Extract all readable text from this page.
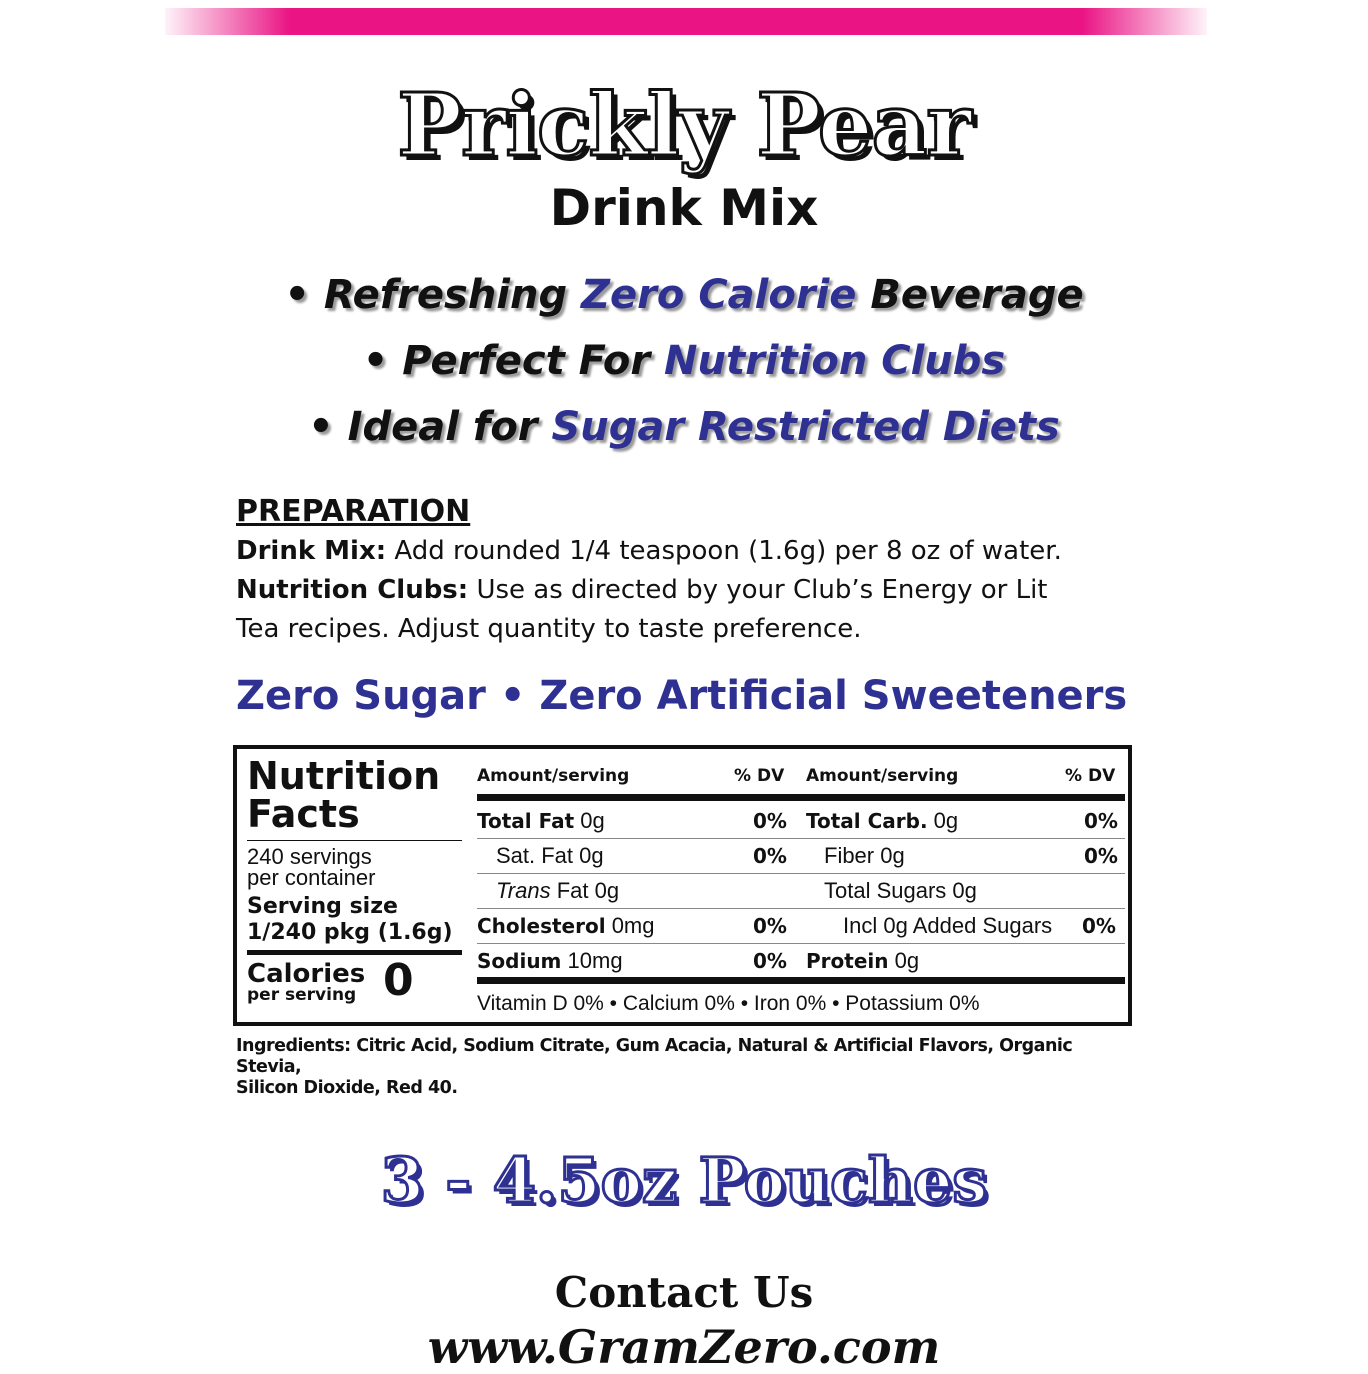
Prickly Pear
Drink Mix
• Refreshing Zero Calorie Beverage
• Perfect For Nutrition Clubs
• Ideal for Sugar Restricted Diets
PREPARATION

Drink Mix: Add rounded 1/4 teaspoon (1.6g) per 8 oz of water.

Nutrition Clubs: Use as directed by your Club’s Energy or Lit

Tea recipes. Adjust quantity to taste preference.

Zero Sugar • Zero Artificial Sweeteners
Nutrition
Facts
240 servings
per container
Serving size
1/240 pkg (1.6g)
Calories
per serving 0
Amount/serving	% DV Amount/serving	% DV
Total Fat 0g	0% Total Carb. 0g	0%
Sat. Fat 0g	0% Fiber 0g	0%
Trans Fat 0g	Total Sugars 0g
Cholesterol 0mg	0%	Incl 0g Added Sugars 0%
Sodium 10mg	0% Protein 0g
Vitamin D 0% • Calcium 0% • Iron 0% • Potassium 0%
Ingredients: Citric Acid, Sodium Citrate, Gum Acacia, Natural & Artificial Flavors, Organic Stevia,
Silicon Dioxide, Red 40.
3 - 4.5oz Pouches
Contact Us
www.GramZero.com
